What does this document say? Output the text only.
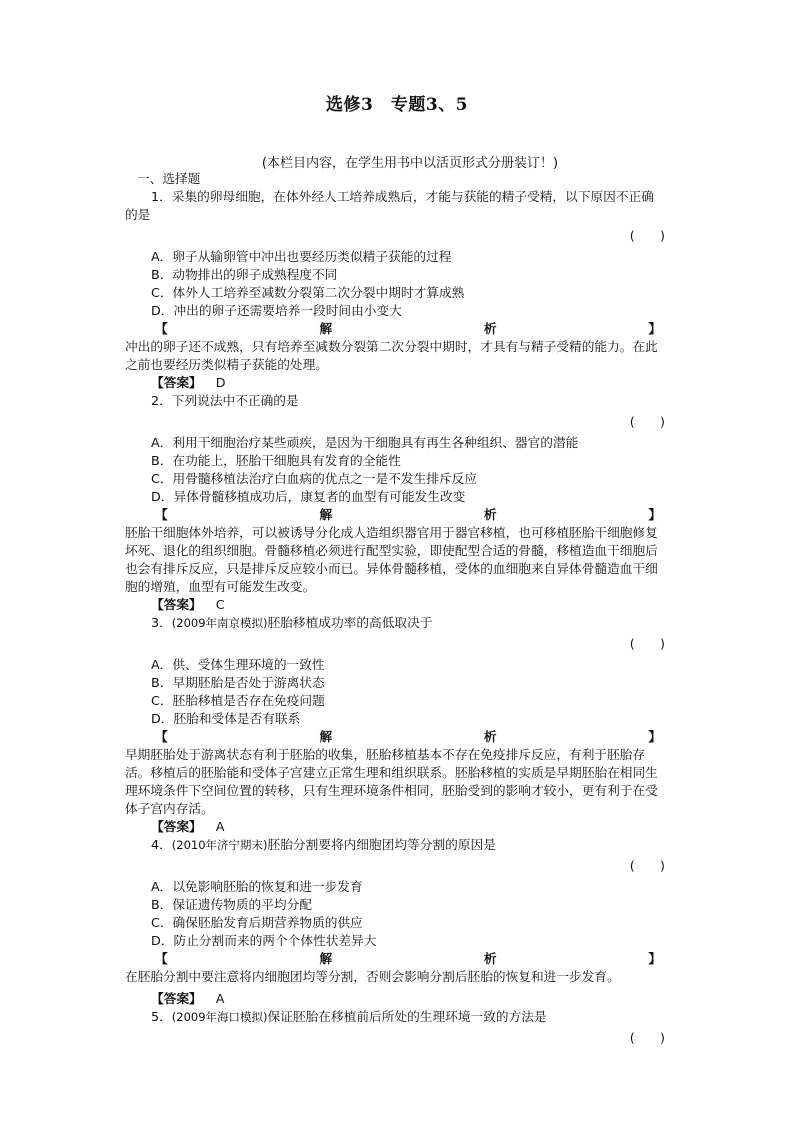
选修3　专题3、5
(本栏目内容，在学生用书中以活页形式分册装订！)
一、选择题
1．采集的卵母细胞，在体外经人工培养成熟后，才能与获能的精子受精，以下原因不正确的是
(　　)
A．卵子从输卵管中冲出也要经历类似精子获能的过程
B．动物排出的卵子成熟程度不同
C．体外人工培养至减数分裂第二次分裂中期时才算成熟
D．冲出的卵子还需要培养一段时间由小变大
【	解	析	】
冲出的卵子还不成熟，只有培养至减数分裂第二次分裂中期时，才具有与精子受精的能力。在此之前也要经历类似精子获能的处理。
【答案】 D
2．下列说法中不正确的是
(　　)
A．利用干细胞治疗某些顽疾，是因为干细胞具有再生各种组织、器官的潜能
B．在功能上，胚胎干细胞具有发育的全能性
C．用骨髓移植法治疗白血病的优点之一是不发生排斥反应
D．异体骨髓移植成功后，康复者的血型有可能发生改变
【	解	析	】
胚胎干细胞体外培养，可以被诱导分化成人造组织器官用于器官移植，也可移植胚胎干细胞修复坏死、退化的组织细胞。骨髓移植必须进行配型实验，即使配型合适的骨髓，移植造血干细胞后也会有排斥反应，只是排斥反应较小而已。异体骨髓移植，受体的血细胞来自异体骨髓造血干细胞的增殖，血型有可能发生改变。
【答案】 C
3．(2009年南京模拟)胚胎移植成功率的高低取决于
(　　)
A．供、受体生理环境的一致性
B．早期胚胎是否处于游离状态
C．胚胎移植是否存在免疫问题
D．胚胎和受体是否有联系
【	解	析	】
早期胚胎处于游离状态有利于胚胎的收集，胚胎移植基本不存在免疫排斥反应，有利于胚胎存活。移植后的胚胎能和受体子宫建立正常生理和组织联系。胚胎移植的实质是早期胚胎在相同生理环境条件下空间位置的转移，只有生理环境条件相同，胚胎受到的影响才较小，更有利于在受体子宫内存活。
【答案】 A
4．(2010年济宁期末)胚胎分割要将内细胞团均等分割的原因是
(　　)
A．以免影响胚胎的恢复和进一步发育
B．保证遗传物质的平均分配
C．确保胚胎发育后期营养物质的供应
D．防止分割而来的两个个体性状差异大
【	解	析	】
在胚胎分割中要注意将内细胞团均等分割，否则会影响分割后胚胎的恢复和进一步发育。
【答案】 A
5．(2009年海口模拟)保证胚胎在移植前后所处的生理环境一致的方法是
(　　)
